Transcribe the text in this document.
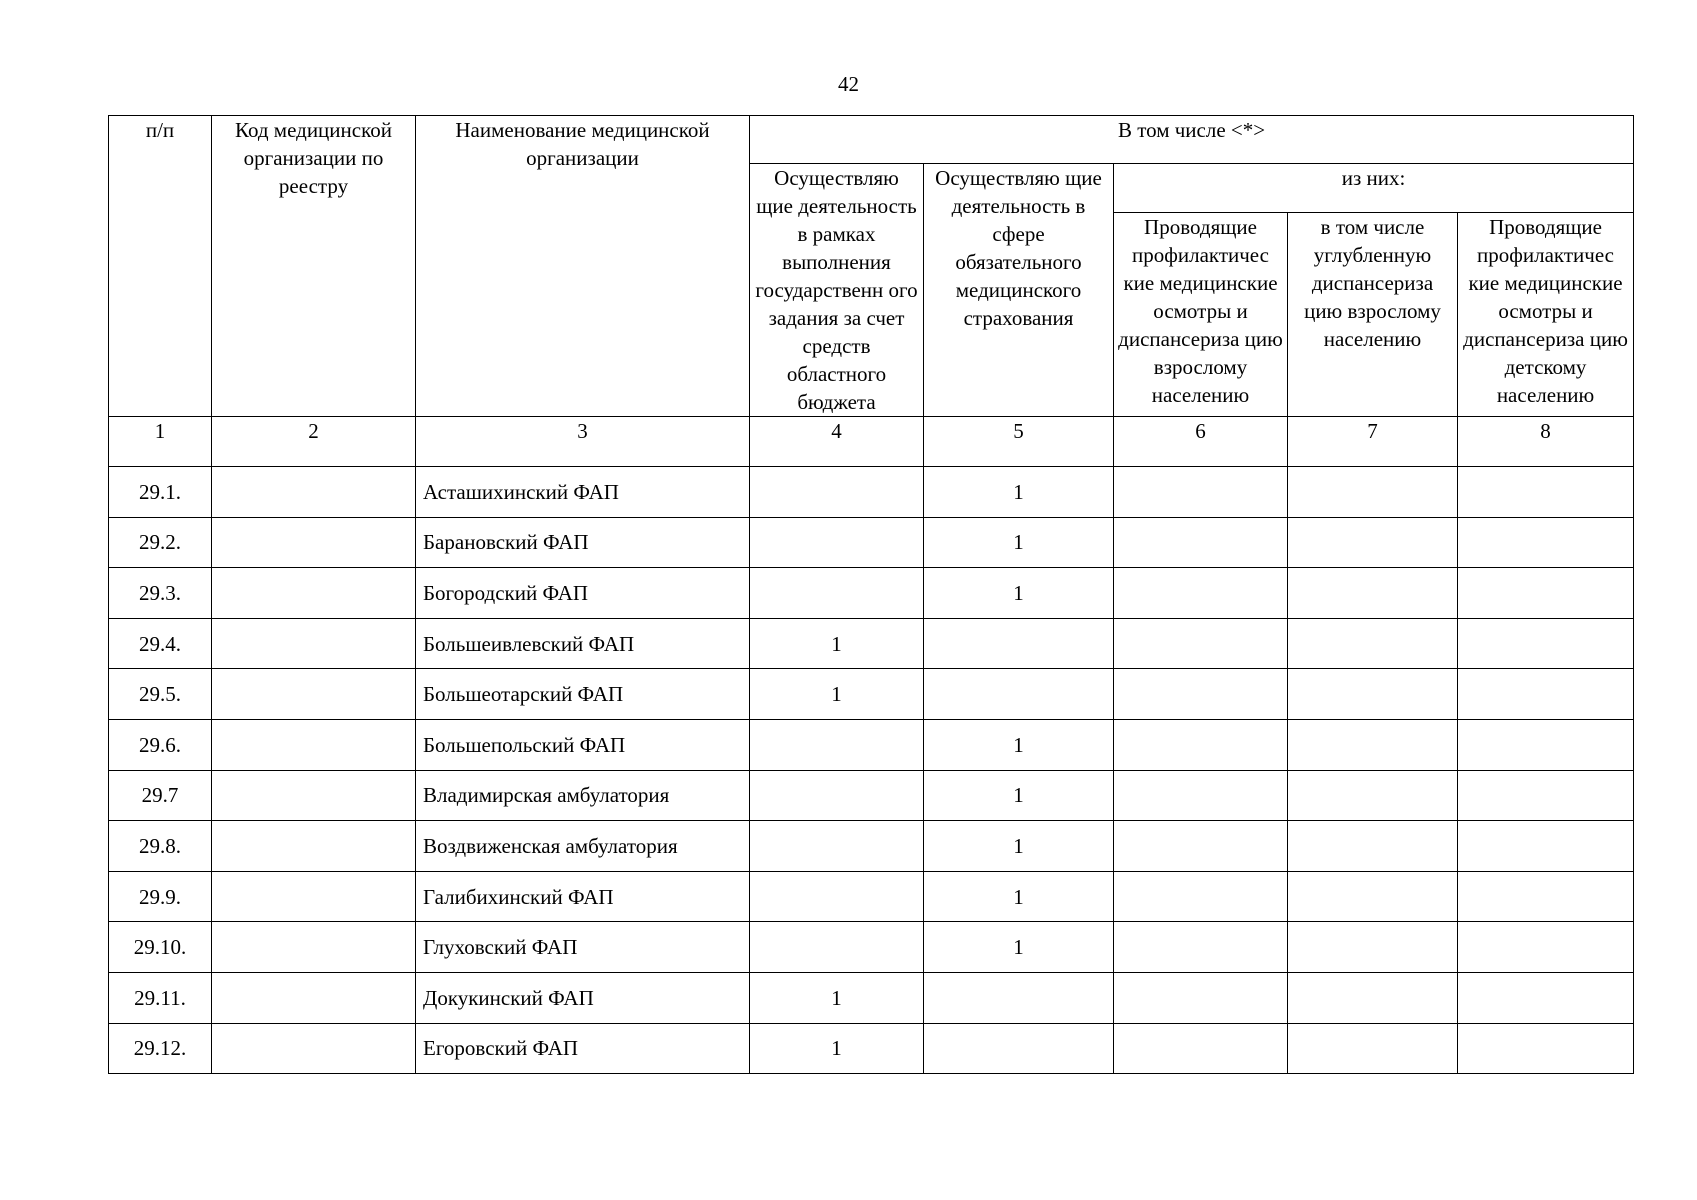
42
п/п	Код медицинской организации по реестру	Наименование медицинской организации	В том числе <*>				

			Осуществляю щие деятельность в рамках выполнения государственн ого задания за счет средств областного бюджета	Осуществляю щие деятельность в сфере обязательного медицинского страхования	из них:		

					Проводящие профилактичес кие медицинские осмотры и диспансериза цию взрослому населению	в том числе углубленную диспансериза цию взрослому населению	Проводящие профилактичес кие медицинские осмотры и диспансериза цию детскому населению

1	2	3	4	5	6	7	8
29.1.		Асташихинский ФАП		1			
29.2.		Барановский ФАП		1			
29.3.		Богородский ФАП		1			
29.4.		Большеивлевский ФАП	1				
29.5.		Большеотарский ФАП	1				
29.6.		Большепольский ФАП		1			
29.7		Владимирская амбулатория		1			
29.8.		Воздвиженская амбулатория		1			
29.9.		Галибихинский ФАП		1			
29.10.		Глуховский ФАП		1			
29.11.		Докукинский ФАП	1				
29.12.		Егоровский ФАП	1				
